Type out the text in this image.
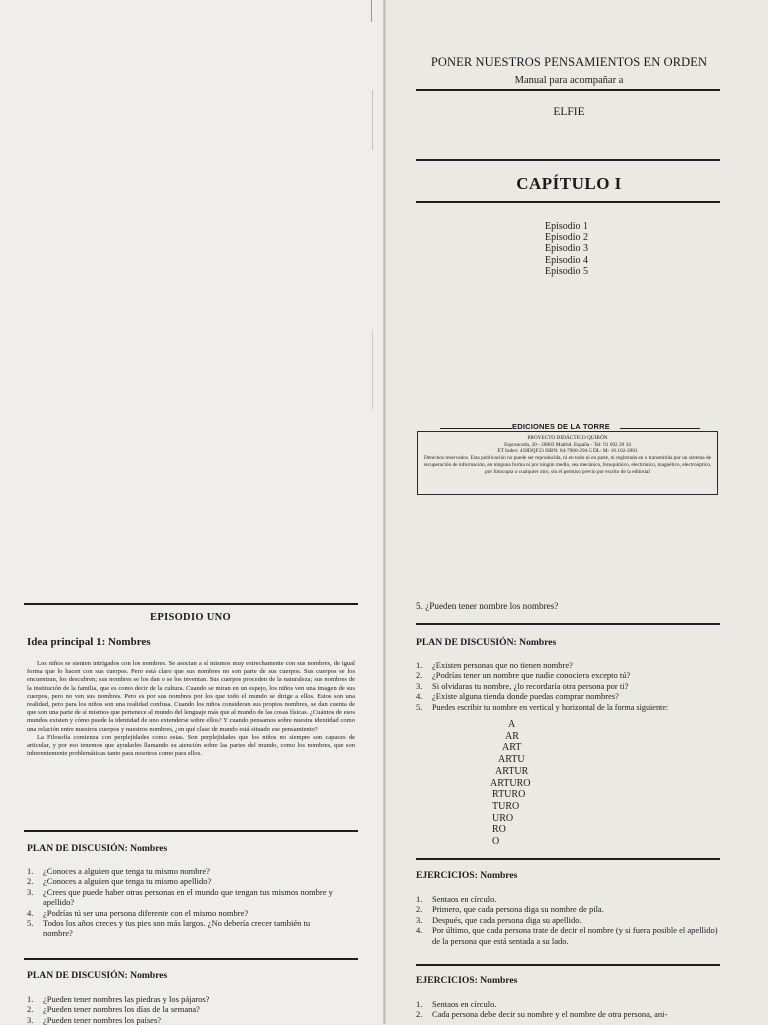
PONER NUESTROS PENSAMIENTOS EN ORDEN
Manual para acompañar a
ELFIE
CAPÍTULO I
Episodio 1
Episodio 2
Episodio 3
Episodio 4
Episodio 5
EDICIONES DE LA TORRE
PROYECTO DIDÁCTICO QUIRÓN
Espronceda, 20 - 28003 Madrid. España - Tel: 91 692 20 34
ET Index: 458DQF23 ISBN: 84-7960-294-5 DL: M- 16.102-2001
Derechos reservados. Esta publicación no puede ser reproducida, ni en todo ni en parte, ni registrada en o transmitida por un sistema de recuperación de información, en ninguna forma ni por ningún medio, sea mecánico, fotoquímico, electrónico, magnético, electroóptico, por fotocopia o cualquier otro, sin el permiso previo por escrito de la editorial
5. ¿Pueden tener nombre los nombres?
PLAN DE DISCUSIÓN: Nombres
1. ¿Existen personas que no tienen nombre?
2. ¿Podrías tener un nombre que nadie conociera excepto tú?
3. Si olvidaras tu nombre, ¿lo recordaría otra persona por ti?
4. ¿Existe alguna tienda donde puedas comprar nombres?
5. Puedes escribir tu nombre en vertical y horizontal de la forma siguiente:
A
AR
ART
ARTU
ARTUR
ARTURO
RTURO
TURO
URO
RO
O
EJERCICIOS: Nombres
1. Sentaos en círculo.
2. Primero, que cada persona diga su nombre de pila.
3. Después, que cada persona diga su apellido.
4. Por último, que cada persona trate de decir el nombre (y si fuera posible el apellido) de la persona que está sentada a su lado.
EJERCICIOS: Nombres
1. Sentaos en círculo.
2. Cada persona debe decir su nombre y el nombre de otra persona, ani-
EPISODIO UNO
Idea principal 1: Nombres

Los niños se sienten intrigados con los nombres. Se asocian a sí mismos muy estrechamente con sus nombres, de igual forma que lo hacen con sus cuerpos. Pero está claro que sus nombres no son parte de sus cuerpos. Sus cuerpos se los encuentran, los descubren; sus nombres se los dan o se los inventan. Sus cuerpos proceden de la naturaleza; sus nombres de la institución de la familia, que es como decir de la cultura. Cuando se miran en un espejo, los niños ven una imagen de sus cuerpos, pero no ven sus nombres. Pero es por sus nombres por los que todo el mundo se dirige a ellos. Estos son una realidad, pero para los niños son una realidad confusa. Cuando los niños consideran sus propios nombres, se dan cuenta de que son una parte de sí mismos que pertenece al mundo del lenguaje más que al mundo de las cosas físicas. ¿Cuántos de esos mundos existen y cómo puede la identidad de uno extenderse sobre ellos? Y cuando pensamos sobre nuestra identidad como una relación entre nuestros cuerpos y nuestros nombres, ¿en qué clase de mundo está situado ese pensamiento?

La Filosofía comienza con perplejidades como estas. Son perplejidades que los niños no siempre son capaces de articular, y por eso tenemos que ayudarles llamando su atención sobre las partes del mundo, como los nombres, que son inherentemente problemáticas tanto para nosotros como para ellos.

PLAN DE DISCUSIÓN: Nombres
1. ¿Conoces a alguien que tenga tu mismo nombre?
2. ¿Conoces a alguien que tenga tu mismo apellido?
3. ¿Crees que puede haber otras personas en el mundo que tengan tus mismos nombre y apellido?
4. ¿Podrías tú ser una persona diferente con el mismo nombre?
5. Todos los años creces y tus pies son más largos. ¿No debería crecer también tu nombre?
PLAN DE DISCUSIÓN: Nombres
1. ¿Pueden tener nombres las piedras y los pájaros?
2. ¿Pueden tener nombres los días de la semana?
3. ¿Pueden tener nombres los países?
